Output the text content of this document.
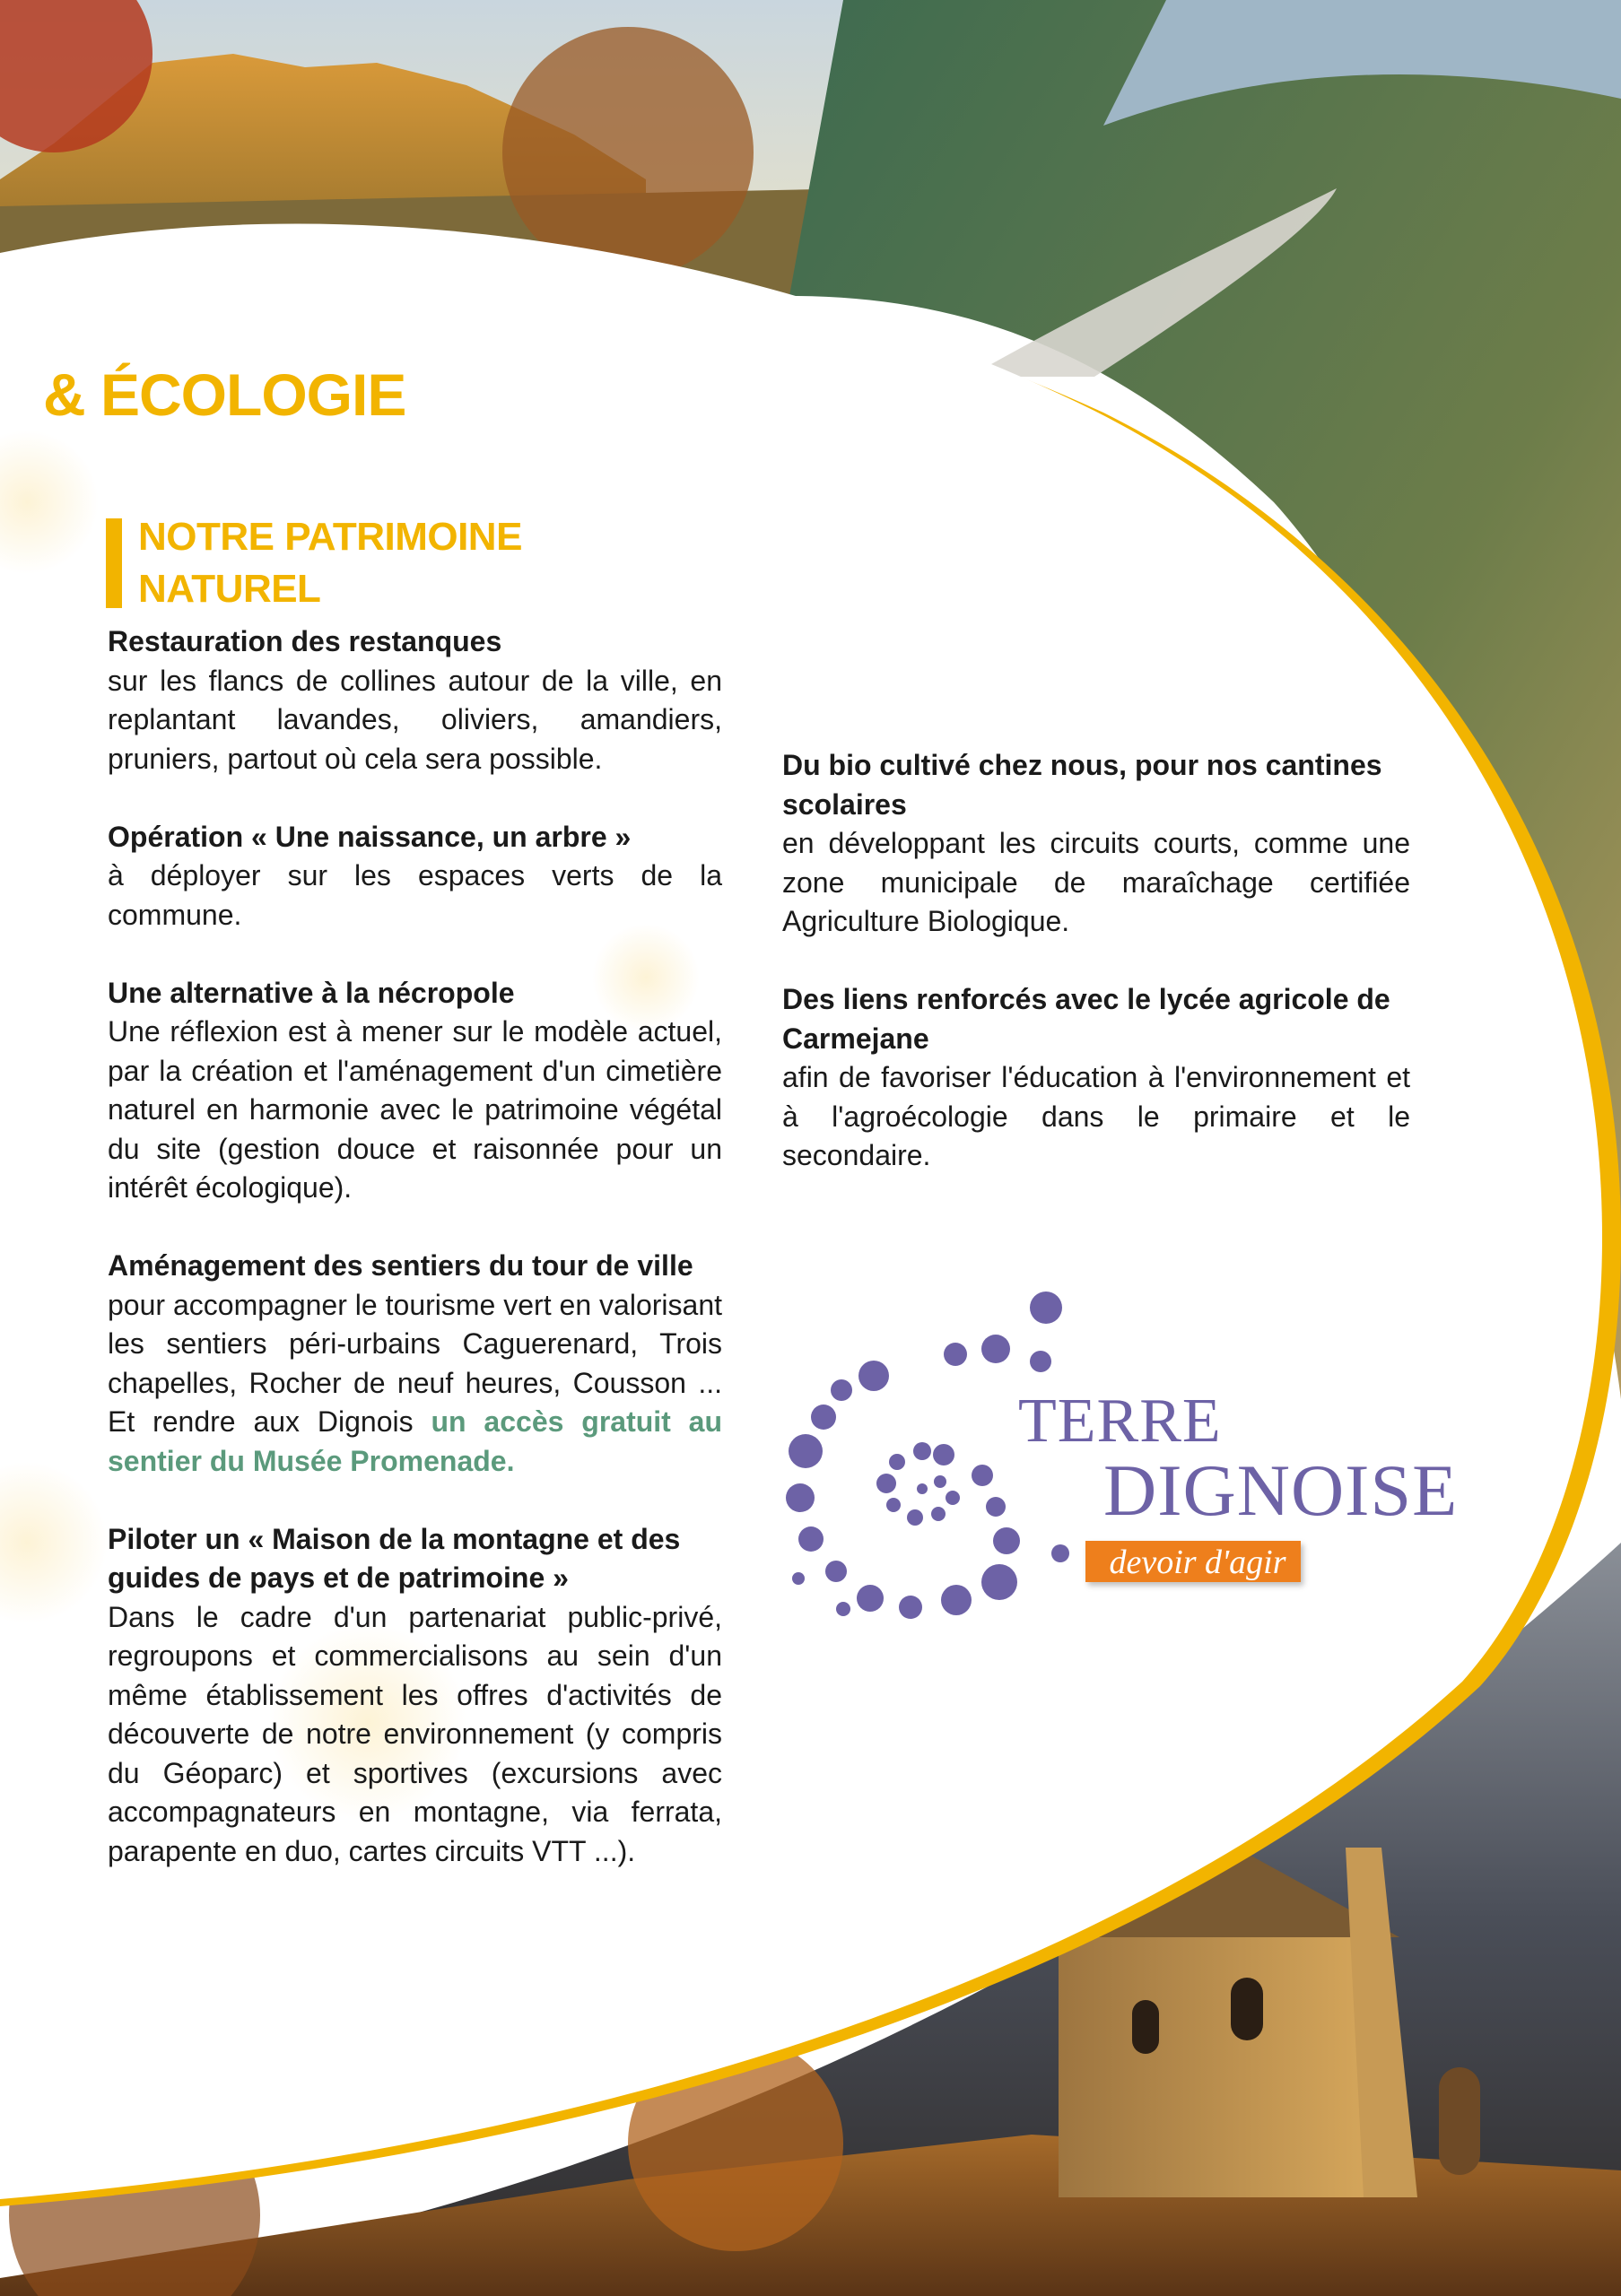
& ÉCOLOGIE
NOTRE PATRIMOINE
NATUREL
Restauration des restanques

sur les flancs de collines autour de la ville, en replantant lavandes, oliviers, amandiers, pruniers, partout où cela sera possible.

Opération « Une naissance, un arbre »

à déployer sur les espaces verts de la commune.

Une alternative à la nécropole

Une réflexion est à mener sur le modèle actuel, par la création et l'aménagement d'un cimetière naturel en harmonie avec le patrimoine végétal du site (gestion douce et raisonnée pour un intérêt écologique).

Aménagement des sentiers du tour de ville

pour accompagner le tourisme vert en valorisant les sentiers péri-urbains Caguerenard, Trois chapelles, Rocher de neuf heures, Cousson ... Et rendre aux Dignois un accès gratuit au sentier du Musée Promenade.

Piloter un « Maison de la montagne et des guides de pays et de patrimoine »

Dans le cadre d'un partenariat public-privé, regroupons et commercialisons au sein d'un même établissement les offres d'activités de découverte de notre environnement (y compris du Géoparc) et sportives (excursions avec accompagnateurs en montagne, via ferrata, parapente en duo, cartes circuits VTT ...).

Du bio cultivé chez nous, pour nos cantines scolaires

en développant les circuits courts, comme une zone municipale de maraîchage certifiée Agriculture Biologique.

Des liens renforcés avec le lycée agricole de Carmejane

afin de favoriser l'éducation à l'environnement et à l'agroécologie dans le primaire et le secondaire.

TERRE

DIGNOISE

devoir d'agir
